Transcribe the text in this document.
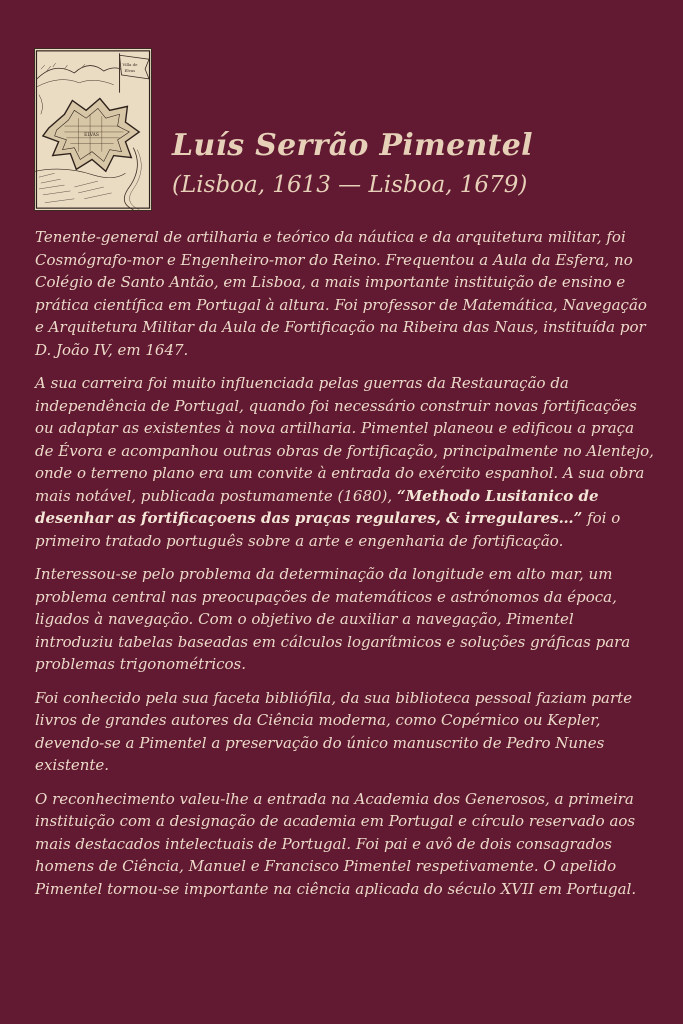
Villa de
Elvas
ELVAS Luís Serrão Pimentel
(Lisboa, 1613 — Lisboa, 1679)

Tenente-general de artilharia e teórico da náutica e da arquitetura militar, foi Cosmógrafo-mor e Engenheiro-mor do Reino. Frequentou a Aula da Esfera, no Colégio de Santo Antão, em Lisboa, a mais importante instituição de ensino e prática científica em Portugal à altura. Foi professor de Matemática, Navegação e Arquitetura Militar da Aula de Fortificação na Ribeira das Naus, instituída por D. João IV, em 1647.

A sua carreira foi muito influenciada pelas guerras da Restauração da independência de Portugal, quando foi necessário construir novas fortificações ou adaptar as existentes à nova artilharia. Pimentel planeou e edificou a praça de Évora e acompanhou outras obras de fortificação, principalmente no Alentejo, onde o terreno plano era um convite à entrada do exército espanhol. A sua obra mais notável, publicada postumamente (1680), “Methodo Lusitanico de desenhar as fortificaçoens das praças regulares, & irregulares…” foi o primeiro tratado português sobre a arte e engenharia de fortificação.

Interessou-se pelo problema da determinação da longitude em alto mar, um problema central nas preocupações de matemáticos e astrónomos da época, ligados à navegação. Com o objetivo de auxiliar a navegação, Pimentel introduziu tabelas baseadas em cálculos logarítmicos e soluções gráficas para problemas trigonométricos.

Foi conhecido pela sua faceta bibliófila, da sua biblioteca pessoal faziam parte livros de grandes autores da Ciência moderna, como Copérnico ou Kepler, devendo-se a Pimentel a preservação do único manuscrito de Pedro Nunes existente.

O reconhecimento valeu-lhe a entrada na Academia dos Generosos, a primeira instituição com a designação de academia em Portugal e círculo reservado aos mais destacados intelectuais de Portugal. Foi pai e avô de dois consagrados homens de Ciência, Manuel e Francisco Pimentel respetivamente. O apelido Pimentel tornou-se importante na ciência aplicada do século XVII em Portugal.
